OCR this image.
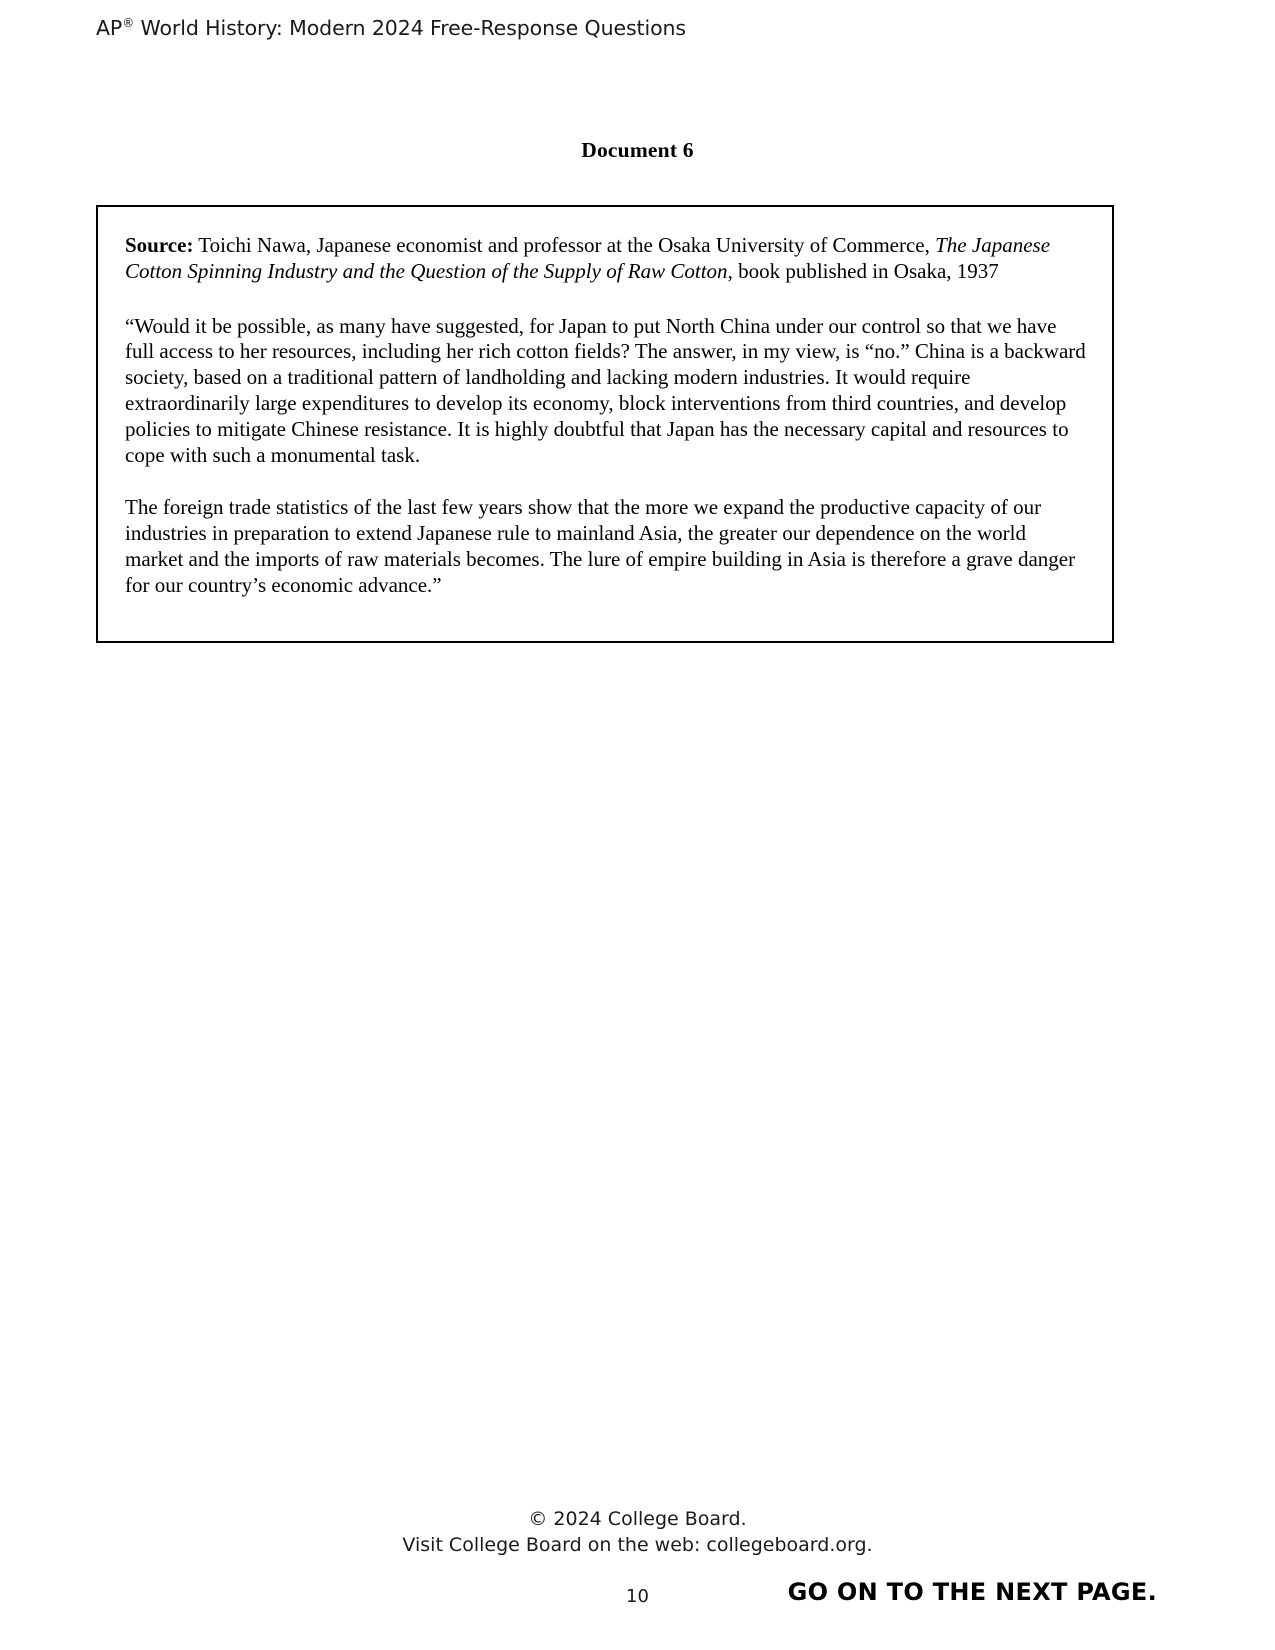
AP® World History: Modern 2024 Free-Response Questions
Document 6

Source: Toichi Nawa, Japanese economist and professor at the Osaka University of Commerce, The Japanese Cotton Spinning Industry and the Question of the Supply of Raw Cotton, book published in Osaka, 1937

“Would it be possible, as many have suggested, for Japan to put North China under our control so that we have full access to her resources, including her rich cotton fields? The answer, in my view, is “no.” China is a backward society, based on a traditional pattern of landholding and lacking modern industries. It would require extraordinarily large expenditures to develop its economy, block interventions from third countries, and develop policies to mitigate Chinese resistance. It is highly doubtful that Japan has the necessary capital and resources to cope with such a monumental task.

The foreign trade statistics of the last few years show that the more we expand the productive capacity of our industries in preparation to extend Japanese rule to mainland Asia, the greater our dependence on the world market and the imports of raw materials becomes. The lure of empire building in Asia is therefore a grave danger for our country’s economic advance.”

© 2024 College Board.
Visit College Board on the web: collegeboard.org.
10	GO ON TO THE NEXT PAGE.
